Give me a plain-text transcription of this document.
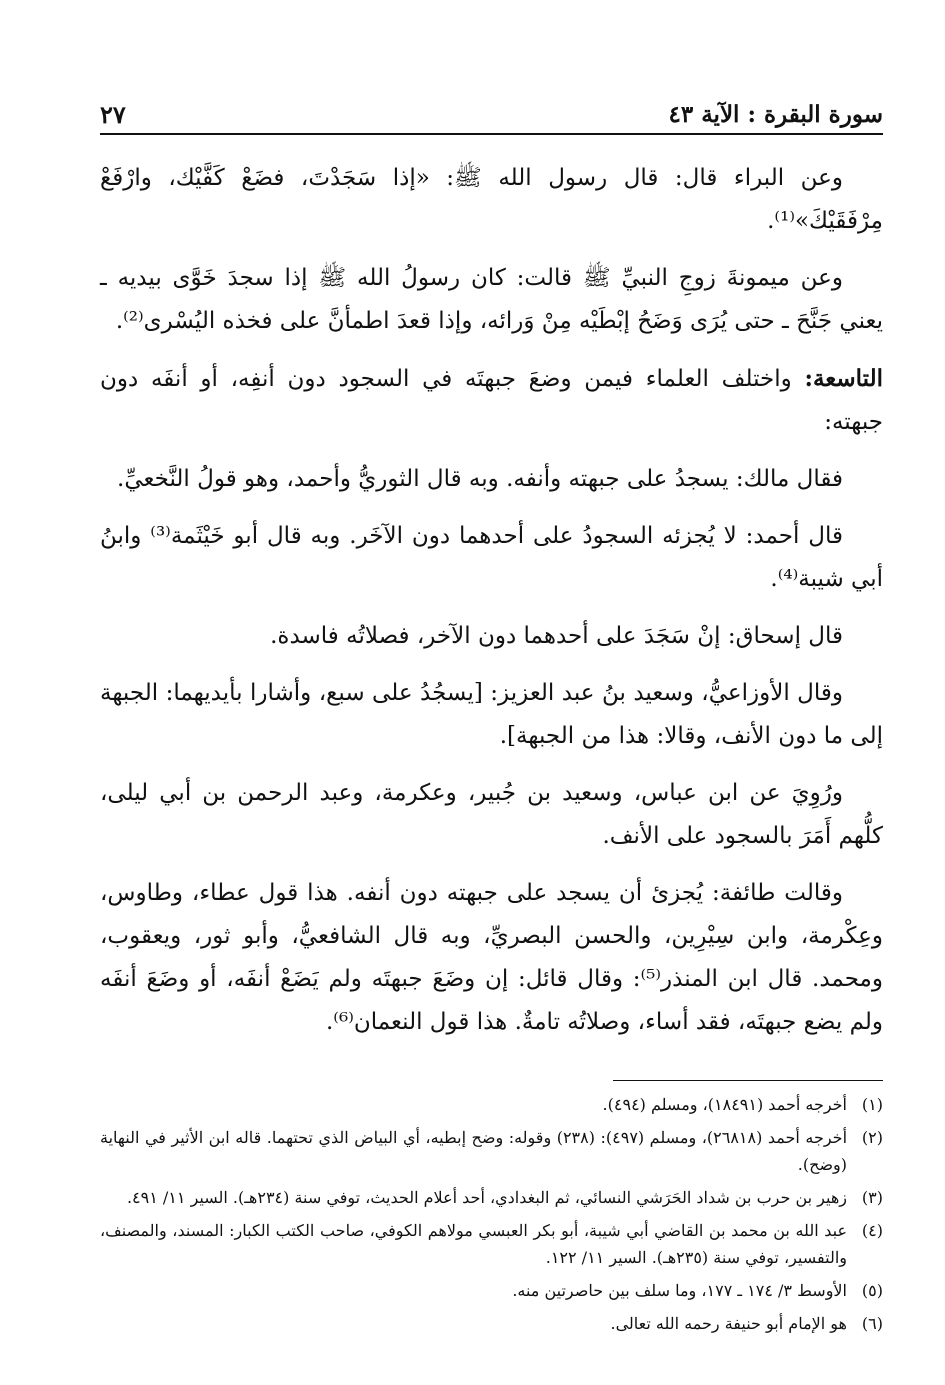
سورة البقرة : الآية ٤٣
٢٧

وعن البراء قال: قال رسول الله ﷺ: «إذا سَجَدْتَ، فضَعْ كَفَّيْك، وارْفَعْ مِرْفَقَيْكَ»⁽¹⁾.

وعن ميمونةَ زوجِ النبيِّ ﷺ قالت: كان رسولُ الله ﷺ إذا سجدَ خَوَّى بيديه ـ يعني جَنَّحَ ـ حتى يُرَى وَضَحُ إبْطَيْه مِنْ وَرائه، وإذا قعدَ اطمأنَّ على فخذه اليُسْرى⁽²⁾.

التاسعة: واختلف العلماء فيمن وضعَ جبهتَه في السجود دون أنفِه، أو أنفَه دون جبهته:

فقال مالك: يسجدُ على جبهته وأنفه. وبه قال الثوريُّ وأحمد، وهو قولُ النَّخعيِّ.

قال أحمد: لا يُجزئه السجودُ على أحدهما دون الآخَر. وبه قال أبو خَيْثَمة⁽³⁾ وابنُ أبي شيبة⁽⁴⁾.

قال إسحاق: إنْ سَجَدَ على أحدهما دون الآخر، فصلاتُه فاسدة.

وقال الأوزاعيُّ، وسعيد بنُ عبد العزيز: [يسجُدُ على سبع، وأشارا بأيديهما: الجبهة إلى ما دون الأنف، وقالا: هذا من الجبهة].

ورُوِيَ عن ابن عباس، وسعيد بن جُبير، وعكرمة، وعبد الرحمن بن أبي ليلى، كلُّهم أَمَرَ بالسجود على الأنف.

وقالت طائفة: يُجزئ أن يسجد على جبهته دون أنفه. هذا قول عطاء، وطاوس، وعِكْرمة، وابن سِيْرِين، والحسن البصريِّ، وبه قال الشافعيُّ، وأبو ثور، ويعقوب، ومحمد. قال ابن المنذر⁽⁵⁾: وقال قائل: إن وضَعَ جبهتَه ولم يَضَعْ أنفَه، أو وضَعَ أنفَه ولم يضع جبهتَه، فقد أساء، وصلاتُه تامةٌ. هذا قول النعمان⁽⁶⁾.

(١)
أخرجه أحمد (١٨٤٩١)، ومسلم (٤٩٤).
(٢)
أخرجه أحمد (٢٦٨١٨)، ومسلم (٤٩٧): (٢٣٨) وقوله: وضح إبطيه، أي البياض الذي تحتهما. قاله ابن الأثير في النهاية (وضح).
(٣)
زهير بن حرب بن شداد الحَرَشي النسائي، ثم البغدادي، أحد أعلام الحديث، توفي سنة (٢٣٤هـ). السير ١١/ ٤٩١.
(٤)
عبد الله بن محمد بن القاضي أبي شيبة، أبو بكر العبسي مولاهم الكوفي، صاحب الكتب الكبار: المسند، والمصنف، والتفسير، توفي سنة (٢٣٥هـ). السير ١١/ ١٢٢.
(٥)
الأوسط ٣/ ١٧٤ ـ ١٧٧، وما سلف بين حاصرتين منه.
(٦)
هو الإمام أبو حنيفة رحمه الله تعالى.
